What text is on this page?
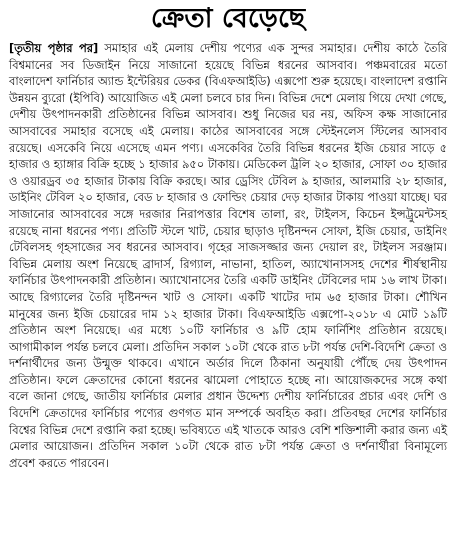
ক্রেতা বেড়েছে

[তৃতীয় পৃষ্ঠার পর] সমাহার এই মেলায় দেশীয় পণ্যের এক সুন্দর সমাহার। দেশীয় কাঠে তৈরি বিশ্বমানের সব ডিজাইন নিয়ে সাজানো হয়েছে বিভিন্ন ধরনের আসবাব। পঞ্চমবারের মতো বাংলাদেশ ফার্নিচার অ্যান্ড ইন্টেরিয়র ডেকর (বিএফআইডি) এক্সপো শুরু হয়েছে। বাংলাদেশ রপ্তানি উন্নয়ন ব্যুরো (ইপিবি) আয়োজিত এই মেলা চলবে চার দিন। বিভিন্ন দেশে মেলায় গিয়ে দেখা গেছে, দেশীয় উৎপাদনকারী প্রতিষ্ঠানের বিভিন্ন আসবাব। শুধু নিজের ঘর নয়, অফিস কক্ষ সাজানোর আসবাবের সমাহার বসেছে এই মেলায়। কাঠের আসবাবের সঙ্গে স্টেইনলেস স্টিলের আসবাব রয়েছে। এসকেবি নিয়ে এসেছে এমন পণ্য। এসকেবির তৈরি বিভিন্ন ধরনের ইজি চেয়ার সাড়ে ৫ হাজার ও হ্যাঙ্গার বিক্রি হচ্ছে ১ হাজার ৯৫০ টাকায়। মেডিকেল ট্রলি ২০ হাজার, সোফা ৩০ হাজার ও ওয়ারড্রব ৩৫ হাজার টাকায় বিক্রি করছে। আর ড্রেসিং টেবিল ৯ হাজার, আলমারি ২৮ হাজার, ডাইনিং টেবিল ২০ হাজার, বেড ৮ হাজার ও ফোল্ডিং চেয়ার দেড় হাজার টাকায় পাওয়া যাচ্ছে। ঘর সাজানোর আসবাবের সঙ্গে দরজার নিরাপত্তার বিশেষ তালা, রং, টাইলস, কিচেন ইন্সট্রুমেন্টসহ রয়েছে নানা ধরনের পণ্য। প্রতিটি স্টলে খাট, চেয়ার ছাড়াও দৃষ্টিনন্দন সোফা, ইজি চেয়ার, ডাইনিং টেবিলসহ গৃহসাজের সব ধরনের আসবাব। গৃহের সাজসজ্জার জন্য দেয়াল রং, টাইলস সরঞ্জাম। বিভিন্ন মেলায় অংশ নিয়েছে ব্রাদার্স, রিগ্যাল, নাভানা, হাতিল, অ্যাখোনাসসহ দেশের শীর্ষস্থানীয় ফার্নিচার উৎপাদনকারী প্রতিষ্ঠান। অ্যাখোনাসের তৈরি একটি ডাইনিং টেবিলের দাম ১৬ লাখ টাকা। আছে রিগ্যালের তৈরি দৃষ্টিনন্দন খাট ও সোফা। একটি খাটের দাম ৬৫ হাজার টাকা। শৌখিন মানুষের জন্য ইজি চেয়ারের দাম ১২ হাজার টাকা। বিএফআইডি এক্সপো-২০১৮ এ মোট ১৯টি প্রতিষ্ঠান অংশ নিয়েছে। এর মধ্যে ১০টি ফার্নিচার ও ৯টি হোম ফার্নিশিং প্রতিষ্ঠান রয়েছে। আগামীকাল পর্যন্ত চলবে মেলা। প্রতিদিন সকাল ১০টা থেকে রাত ৮টা পর্যন্ত দেশি-বিদেশি ক্রেতা ও দর্শনার্থীদের জন্য উন্মুক্ত থাকবে। এখানে অর্ডার দিলে ঠিকানা অনুযায়ী পৌঁছে দেয় উৎপাদন প্রতিষ্ঠান। ফলে ক্রেতাদের কোনো ধরনের ঝামেলা পোহাতে হচ্ছে না। আয়োজকদের সঙ্গে কথা বলে জানা গেছে, জাতীয় ফার্নিচার মেলার প্রধান উদ্দেশ্য দেশীয় ফার্নিচারের প্রচার এবং দেশি ও বিদেশি ক্রেতাদের ফার্নিচার পণ্যের গুণগত মান সম্পর্কে অবহিত করা। প্রতিবছর দেশের ফার্নিচার বিশ্বের বিভিন্ন দেশে রপ্তানি করা হচ্ছে। ভবিষ্যতে এই খাতকে আরও বেশি শক্তিশালী করার জন্য এই মেলার আয়োজন। প্রতিদিন সকাল ১০টা থেকে রাত ৮টা পর্যন্ত ক্রেতা ও দর্শনার্থীরা বিনামূল্যে প্রবেশ করতে পারবেন।
